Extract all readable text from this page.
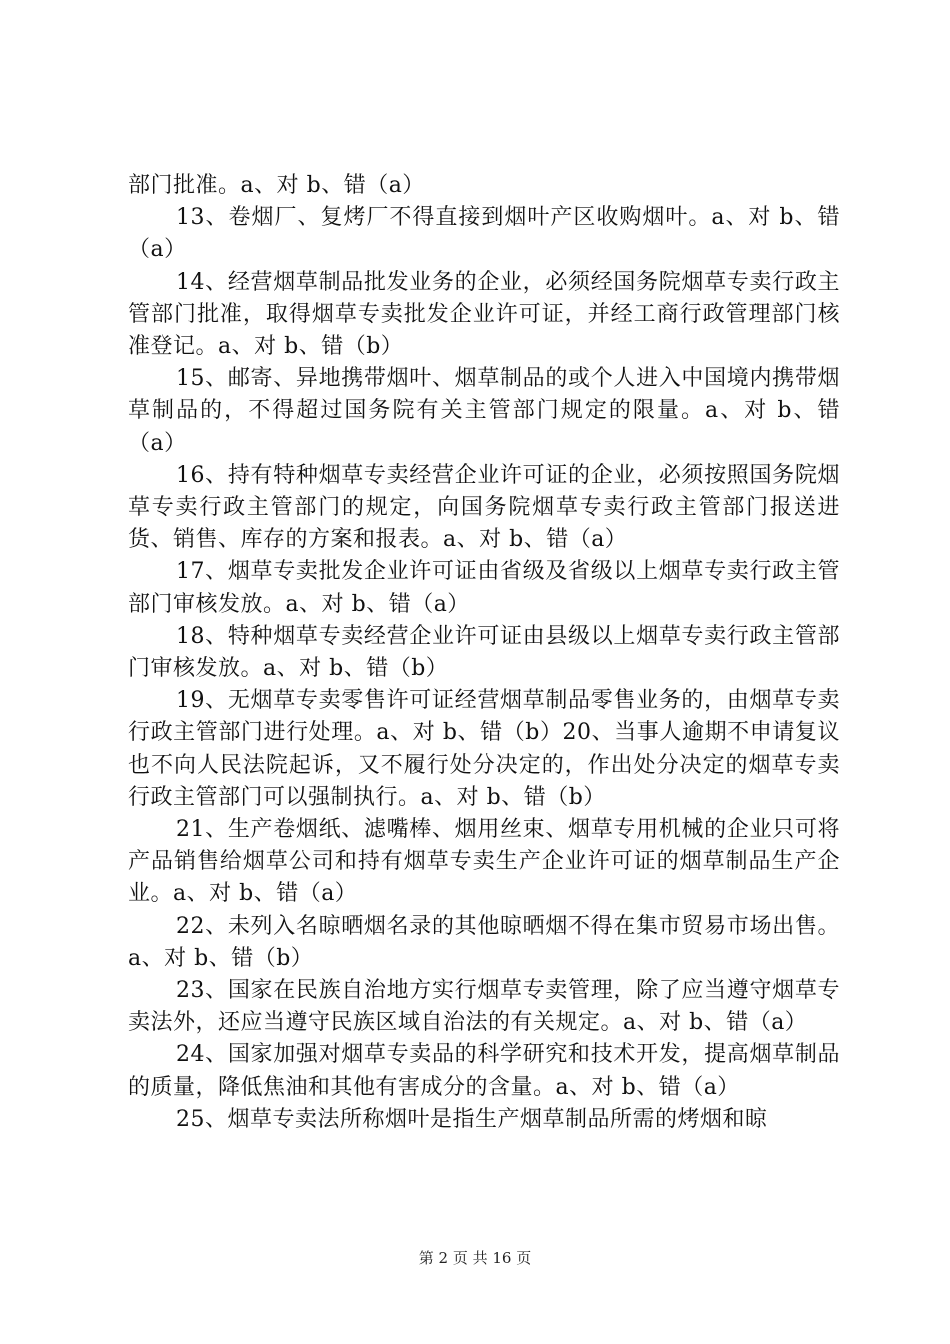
部门批准。a、对 b、错（a）

13、卷烟厂、复烤厂不得直接到烟叶产区收购烟叶。a、对 b、错（a）

14、经营烟草制品批发业务的企业，必须经国务院烟草专卖行政主管部门批准，取得烟草专卖批发企业许可证，并经工商行政管理部门核准登记。a、对 b、错（b）

15、邮寄、异地携带烟叶、烟草制品的或个人进入中国境内携带烟草制品的，不得超过国务院有关主管部门规定的限量。a、对 b、错（a）

16、持有特种烟草专卖经营企业许可证的企业，必须按照国务院烟草专卖行政主管部门的规定，向国务院烟草专卖行政主管部门报送进货、销售、库存的方案和报表。a、对 b、错（a）

17、烟草专卖批发企业许可证由省级及省级以上烟草专卖行政主管部门审核发放。a、对 b、错（a）

18、特种烟草专卖经营企业许可证由县级以上烟草专卖行政主管部门审核发放。a、对 b、错（b）

19、无烟草专卖零售许可证经营烟草制品零售业务的，由烟草专卖行政主管部门进行处理。a、对 b、错（b）20、当事人逾期不申请复议也不向人民法院起诉，又不履行处分决定的，作出处分决定的烟草专卖行政主管部门可以强制执行。a、对 b、错（b）

21、生产卷烟纸、滤嘴棒、烟用丝束、烟草专用机械的企业只可将产品销售给烟草公司和持有烟草专卖生产企业许可证的烟草制品生产企业。a、对 b、错（a）

22、未列入名晾晒烟名录的其他晾晒烟不得在集市贸易市场出售。a、对 b、错（b）

23、国家在民族自治地方实行烟草专卖管理，除了应当遵守烟草专卖法外，还应当遵守民族区域自治法的有关规定。a、对 b、错（a）

24、国家加强对烟草专卖品的科学研究和技术开发，提高烟草制品的质量，降低焦油和其他有害成分的含量。a、对 b、错（a）

25、烟草专卖法所称烟叶是指生产烟草制品所需的烤烟和晾

第 2 页 共 16 页
